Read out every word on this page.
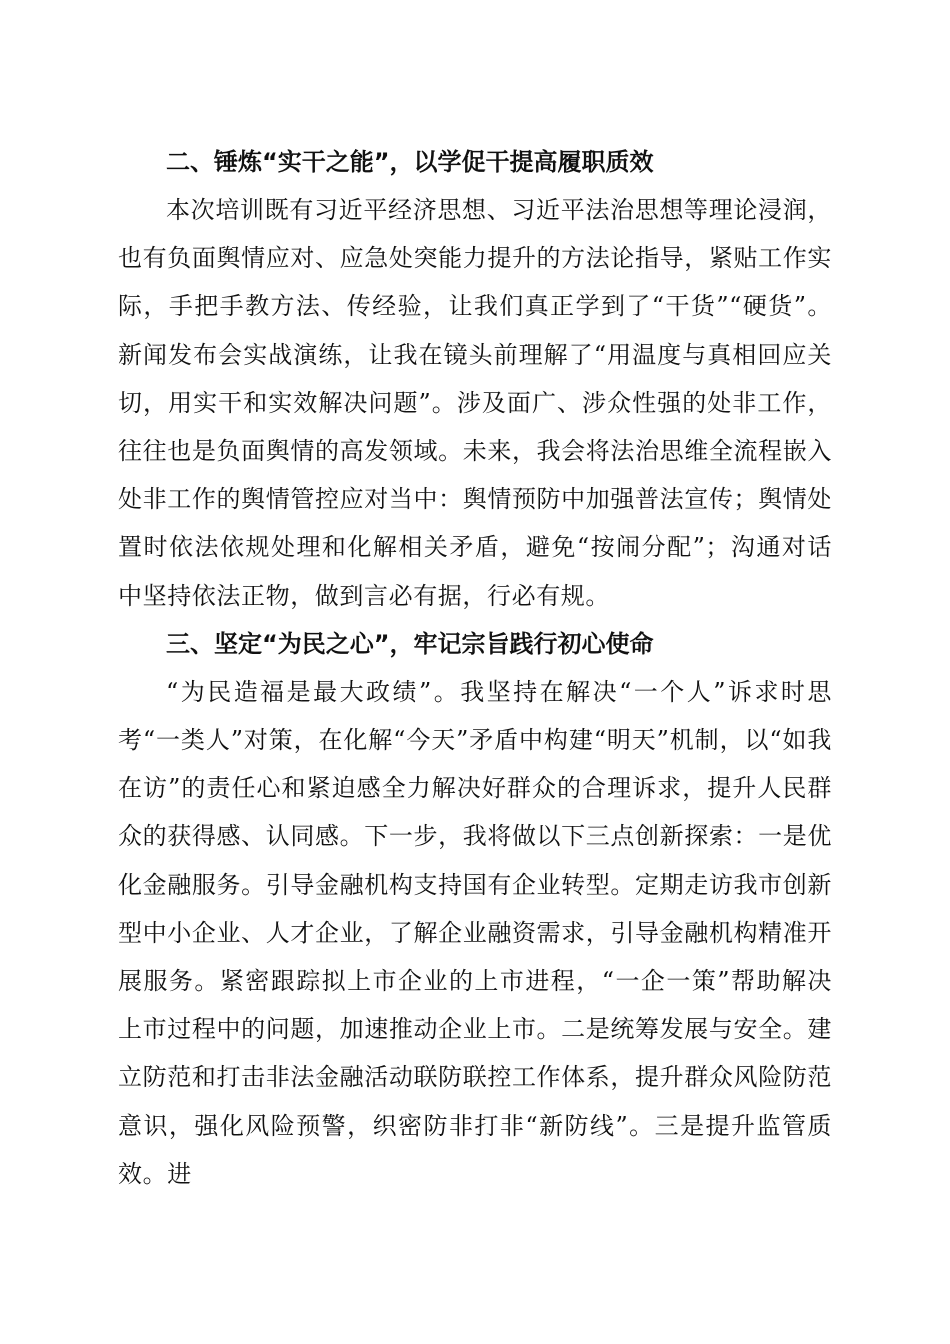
二、锤炼“实干之能”，以学促干提高履职质效

本次培训既有习近平经济思想、习近平法治思想等理论浸润，也有负面舆情应对、应急处突能力提升的方法论指导，紧贴工作实际，手把手教方法、传经验，让我们真正学到了“干货”“硬货”。新闻发布会实战演练，让我在镜头前理解了“用温度与真相回应关切，用实干和实效解决问题”。涉及面广、涉众性强的处非工作，往往也是负面舆情的高发领域。未来，我会将法治思维全流程嵌入处非工作的舆情管控应对当中：舆情预防中加强普法宣传；舆情处置时依法依规处理和化解相关矛盾，避免“按闹分配”；沟通对话中坚持依法正物，做到言必有据，行必有规。

三、坚定“为民之心”，牢记宗旨践行初心使命

“为民造福是最大政绩”。我坚持在解决“一个人”诉求时思考“一类人”对策，在化解“今天”矛盾中构建“明天”机制，以“如我在访”的责任心和紧迫感全力解决好群众的合理诉求，提升人民群众的获得感、认同感。下一步，我将做以下三点创新探索：一是优化金融服务。引导金融机构支持国有企业转型。定期走访我市创新型中小企业、人才企业，了解企业融资需求，引导金融机构精准开展服务。紧密跟踪拟上市企业的上市进程，“一企一策”帮助解决上市过程中的问题，加速推动企业上市。二是统筹发展与安全。建立防范和打击非法金融活动联防联控工作体系，提升群众风险防范意识，强化风险预警，织密防非打非“新防线”。三是提升监管质效。进
